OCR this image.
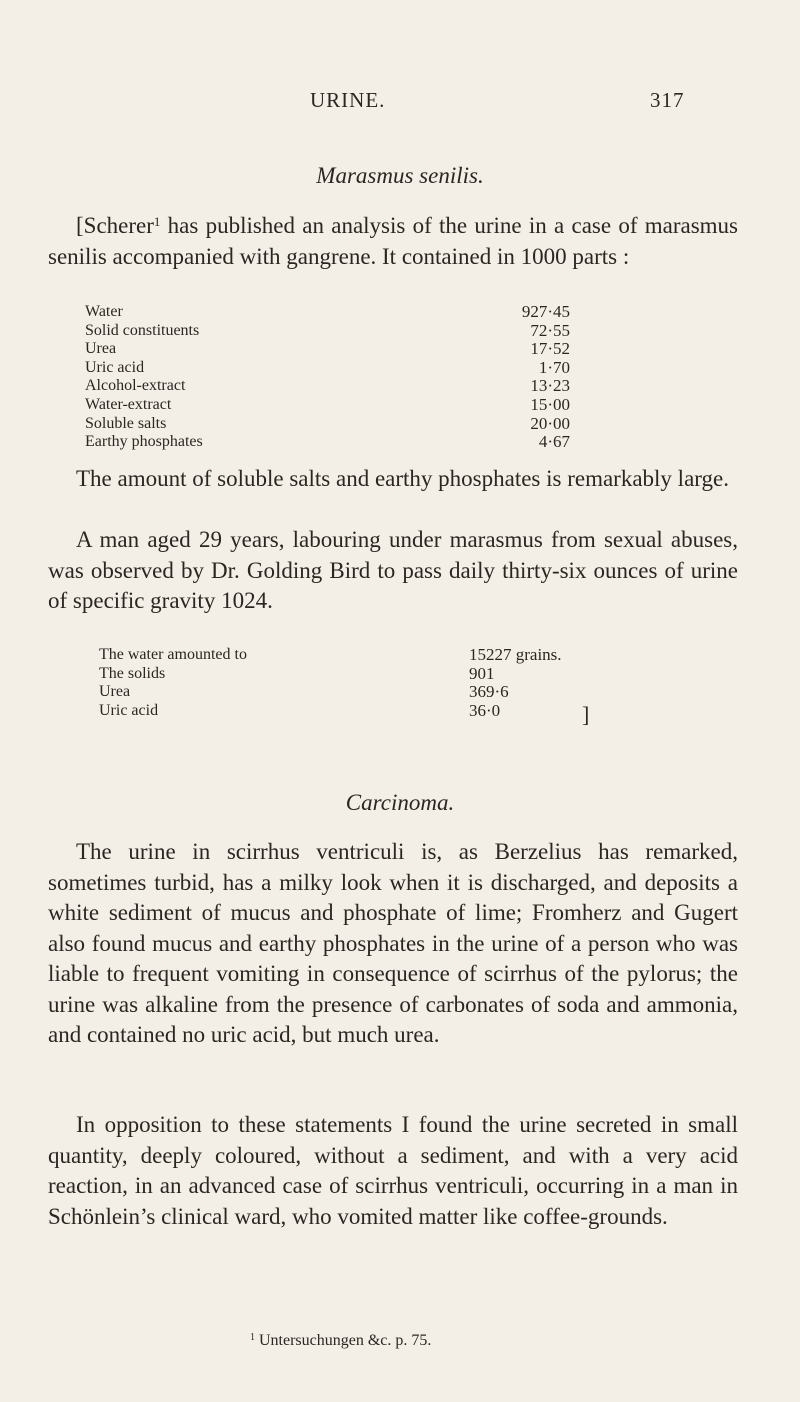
URINE.	317
Marasmus senilis.

[Scherer$^1$ has published an analysis of the urine in a case of marasmus senilis accompanied with gangrene. It contained in 1000 parts :

Water		927·45
Solid constituents		72·55
Urea		17·52
Uric acid		1·70
Alcohol-extract		13·23
Water-extract		15·00
Soluble salts		20·00
Earthy phosphates		4·67

The amount of soluble salts and earthy phosphates is remarkably large.

A man aged 29 years, labouring under marasmus from sexual abuses, was observed by Dr. Golding Bird to pass daily thirty-six ounces of urine of specific gravity 1024.

The water amounted to		15227 grains.
The solids		901
Urea		369·6
Uric acid		36·0	]
Carcinoma.

The urine in scirrhus ventriculi is, as Berzelius has remarked, sometimes turbid, has a milky look when it is discharged, and deposits a white sediment of mucus and phosphate of lime; Fromherz and Gugert also found mucus and earthy phosphates in the urine of a person who was liable to frequent vomiting in consequence of scirrhus of the pylorus; the urine was alkaline from the presence of carbonates of soda and ammonia, and contained no uric acid, but much urea.

In opposition to these statements I found the urine secreted in small quantity, deeply coloured, without a sediment, and with a very acid reaction, in an advanced case of scirrhus ventriculi, occurring in a man in Schönlein’s clinical ward, who vomited matter like coffee-grounds.

$^1$ Untersuchungen &c. p. 75.
